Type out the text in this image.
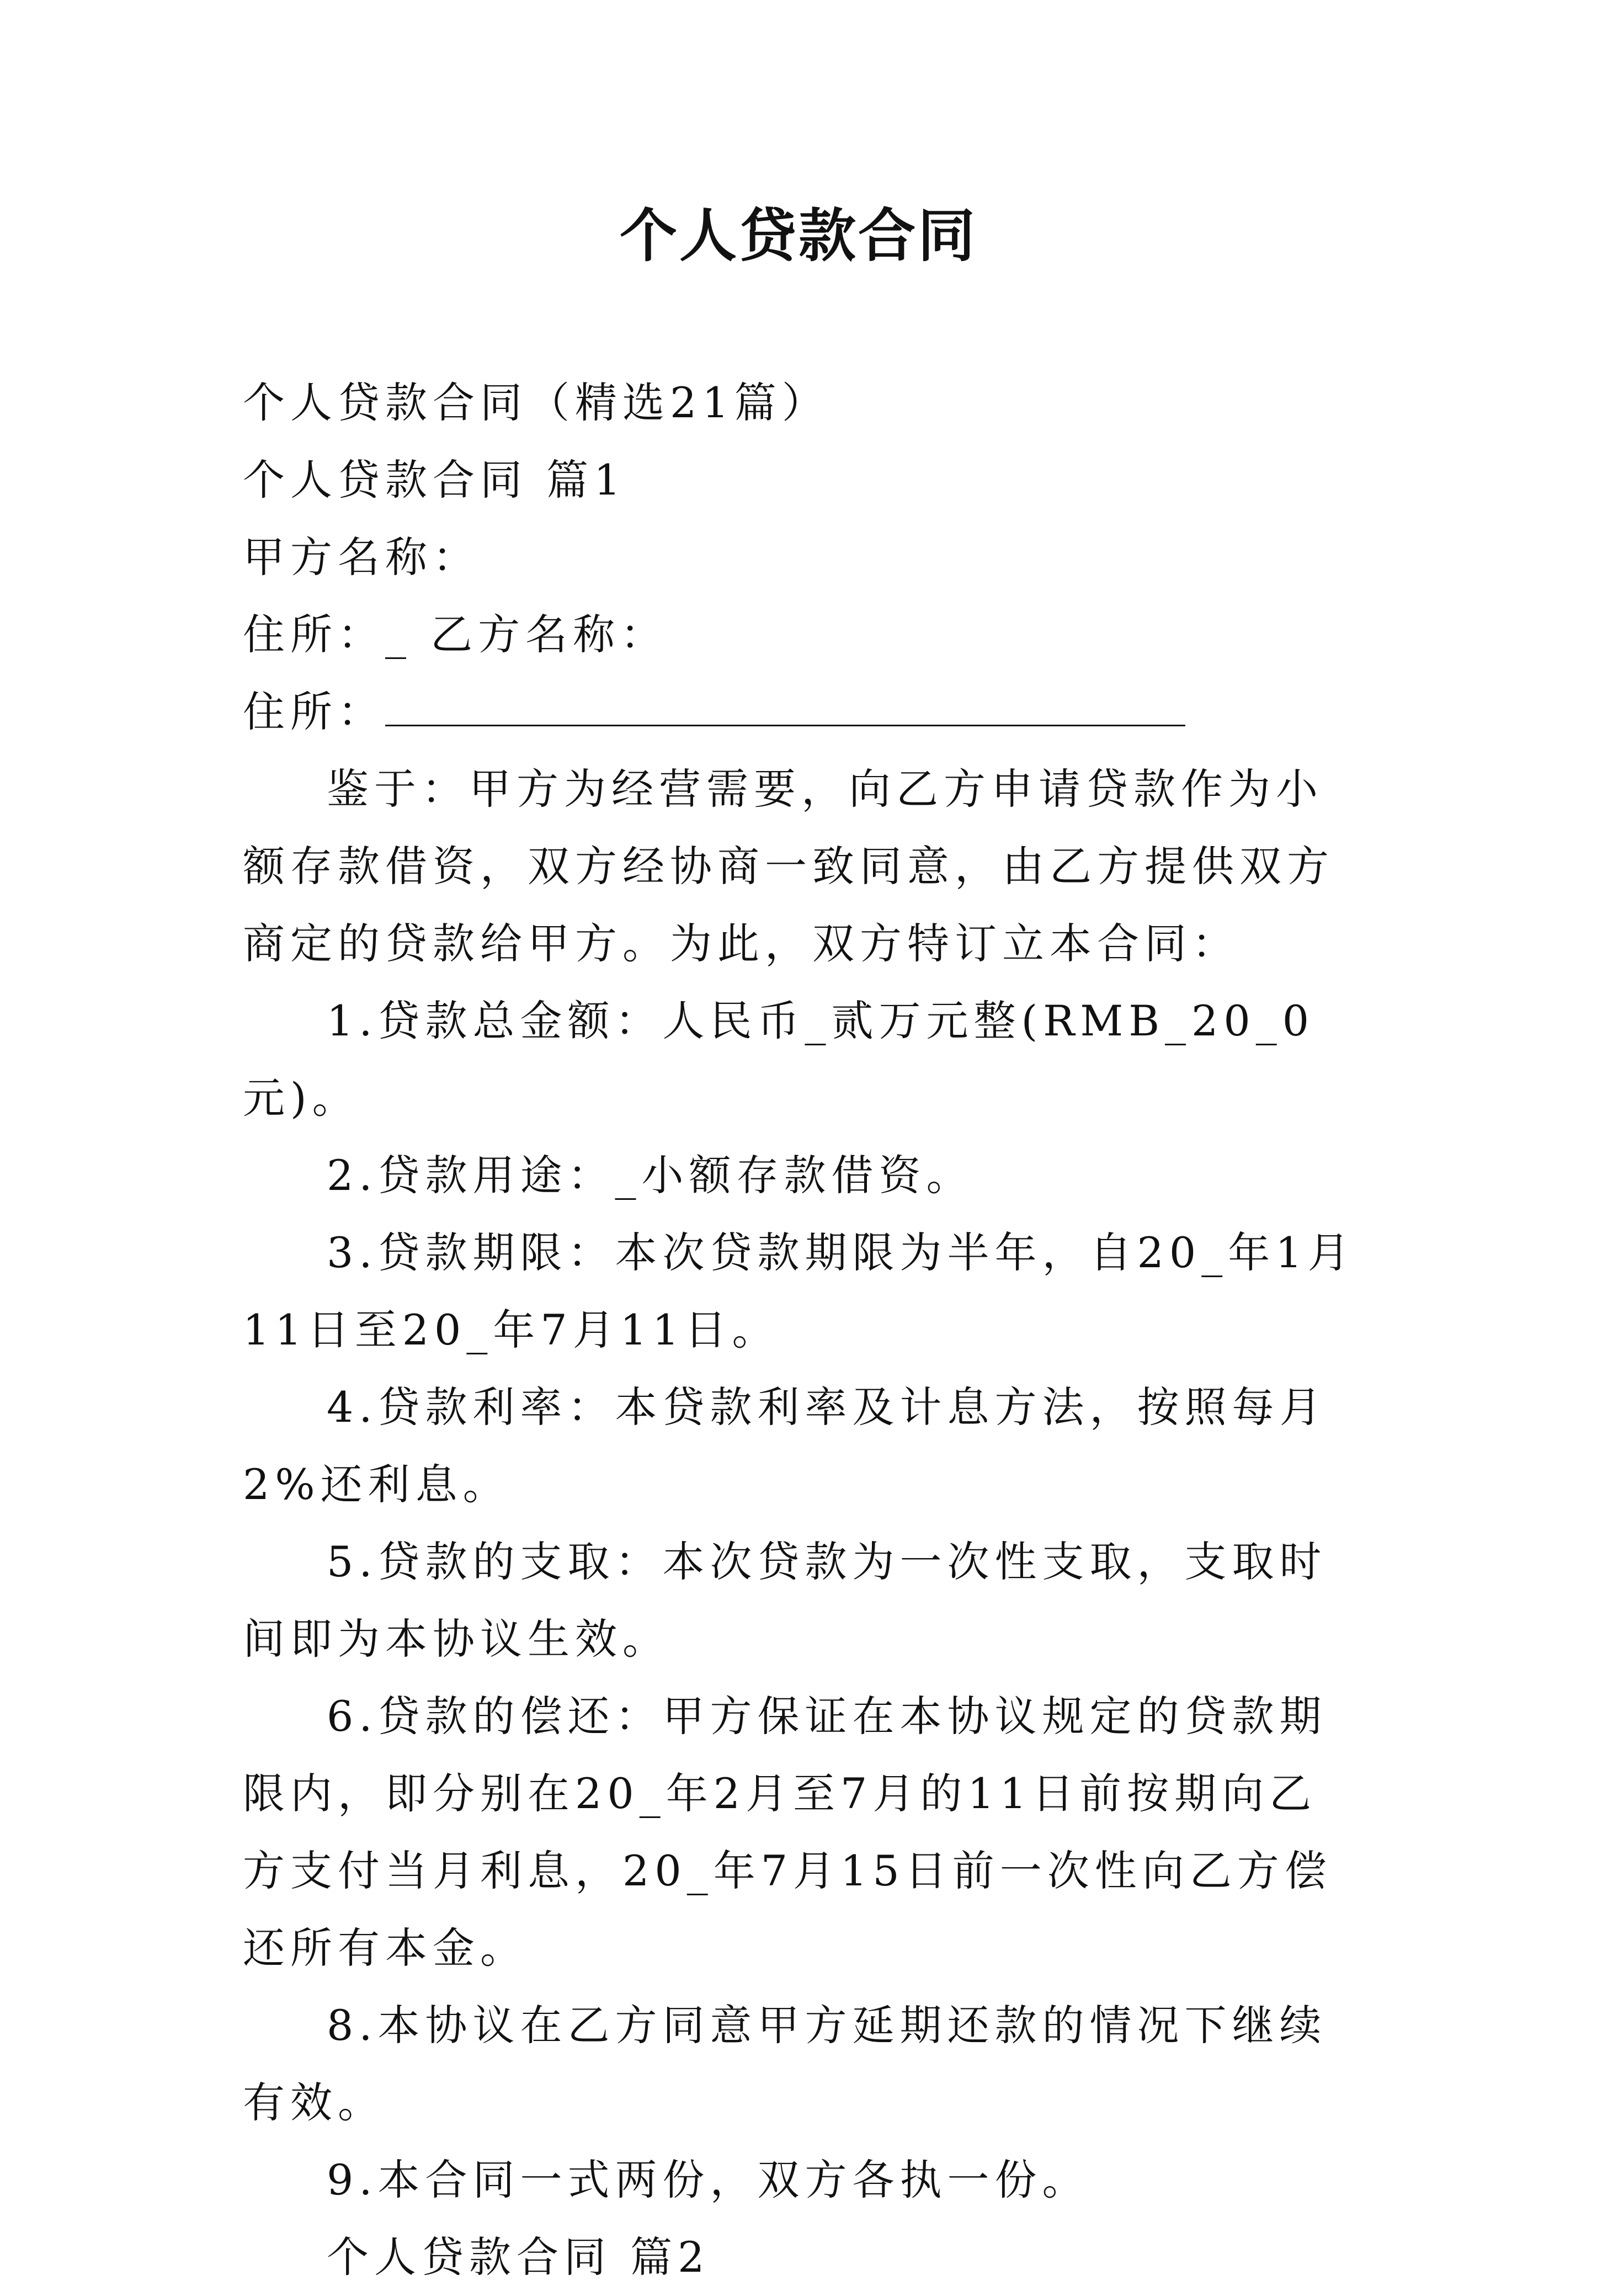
个人贷款合同

个人贷款合同（精选21篇）

个人贷款合同 篇1

甲方名称：

住所：_ 乙方名称：

住所：

鉴于：甲方为经营需要，向乙方申请贷款作为小额存款借资，双方经协商一致同意，由乙方提供双方商定的贷款给甲方。为此，双方特订立本合同：

1.贷款总金额：人民币_贰万元整(RMB_20_0元)。

2.贷款用途：_小额存款借资。

3.贷款期限：本次贷款期限为半年，自20_年1月11日至20_年7月11日。

4.贷款利率：本贷款利率及计息方法，按照每月2%还利息。

5.贷款的支取：本次贷款为一次性支取，支取时间即为本协议生效。

6.贷款的偿还：甲方保证在本协议规定的贷款期限内，即分别在20_年2月至7月的11日前按期向乙方支付当月利息，20_年7月15日前一次性向乙方偿还所有本金。

8.本协议在乙方同意甲方延期还款的情况下继续有效。

9.本合同一式两份，双方各执一份。

个人贷款合同 篇2
